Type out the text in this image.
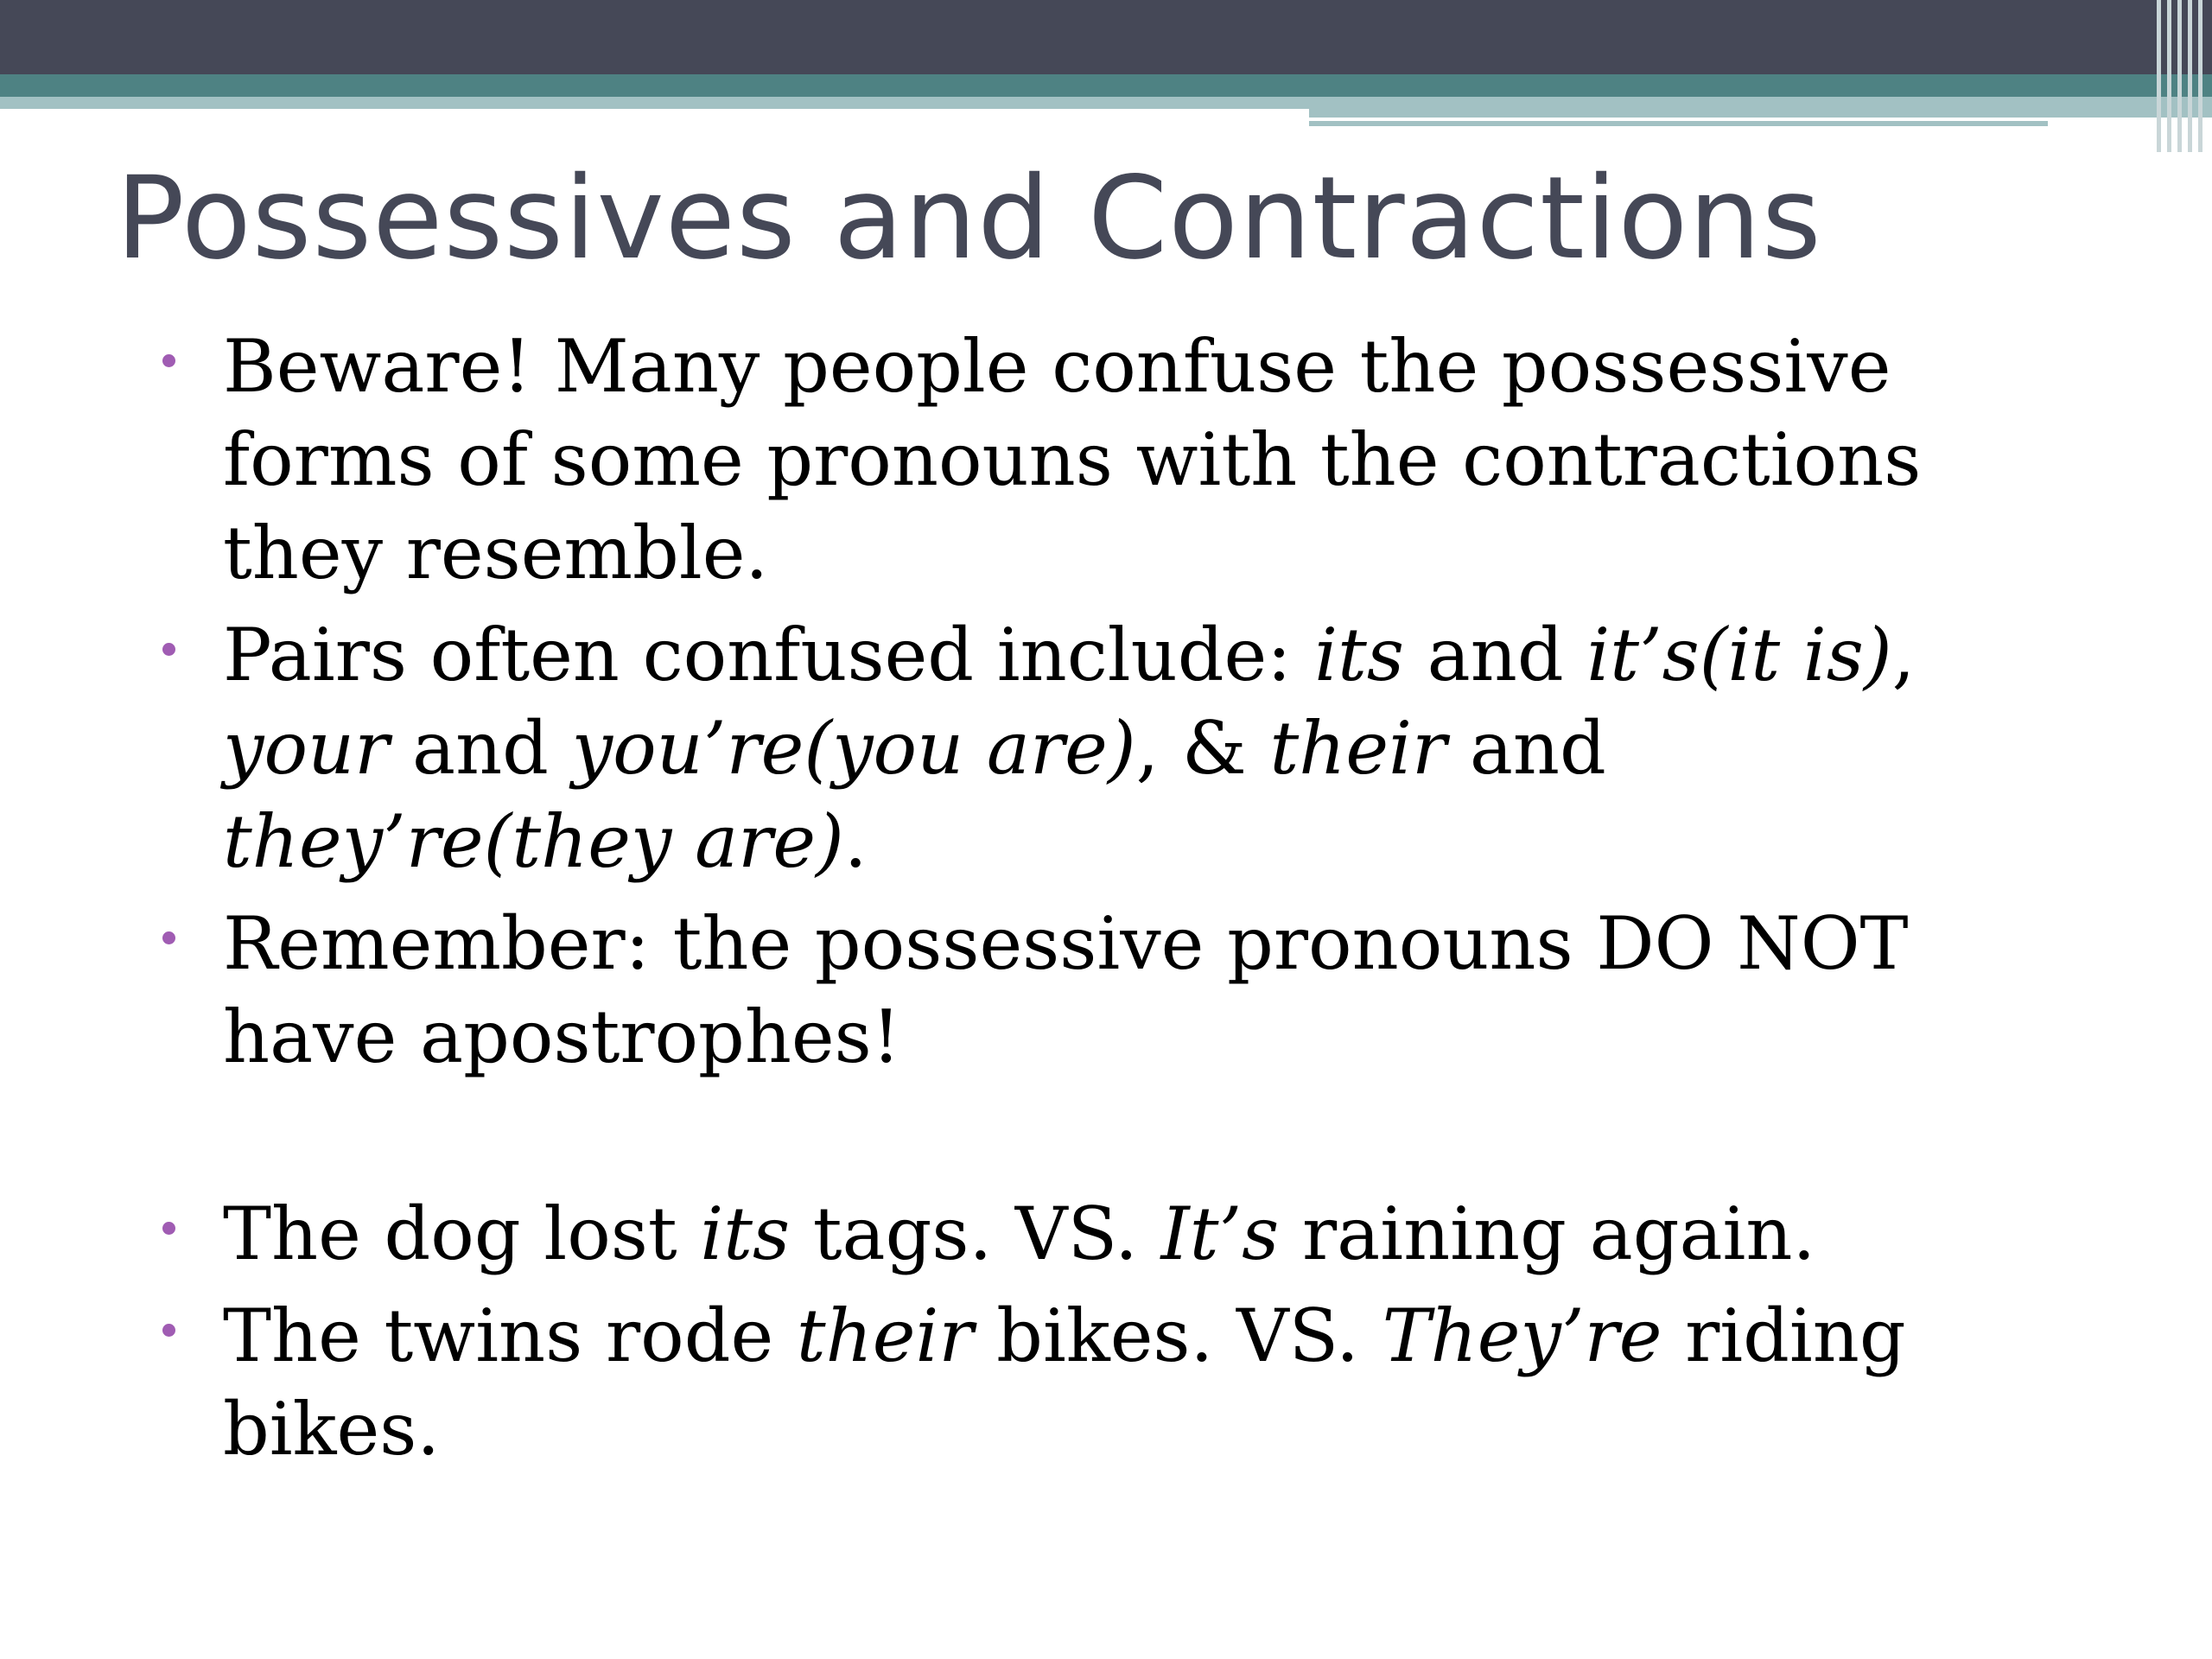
Possessives and Contractions
Beware! Many people confuse the possessive forms of some pronouns with the contractions they resemble.
Pairs often confused include: its and it’s(it is), your and you’re(you are), & their and they’re(they are).
Remember: the possessive pronouns DO NOT have apostrophes!
The dog lost its tags. VS. It’s raining again.
The twins rode their bikes. VS. They’re riding bikes.
